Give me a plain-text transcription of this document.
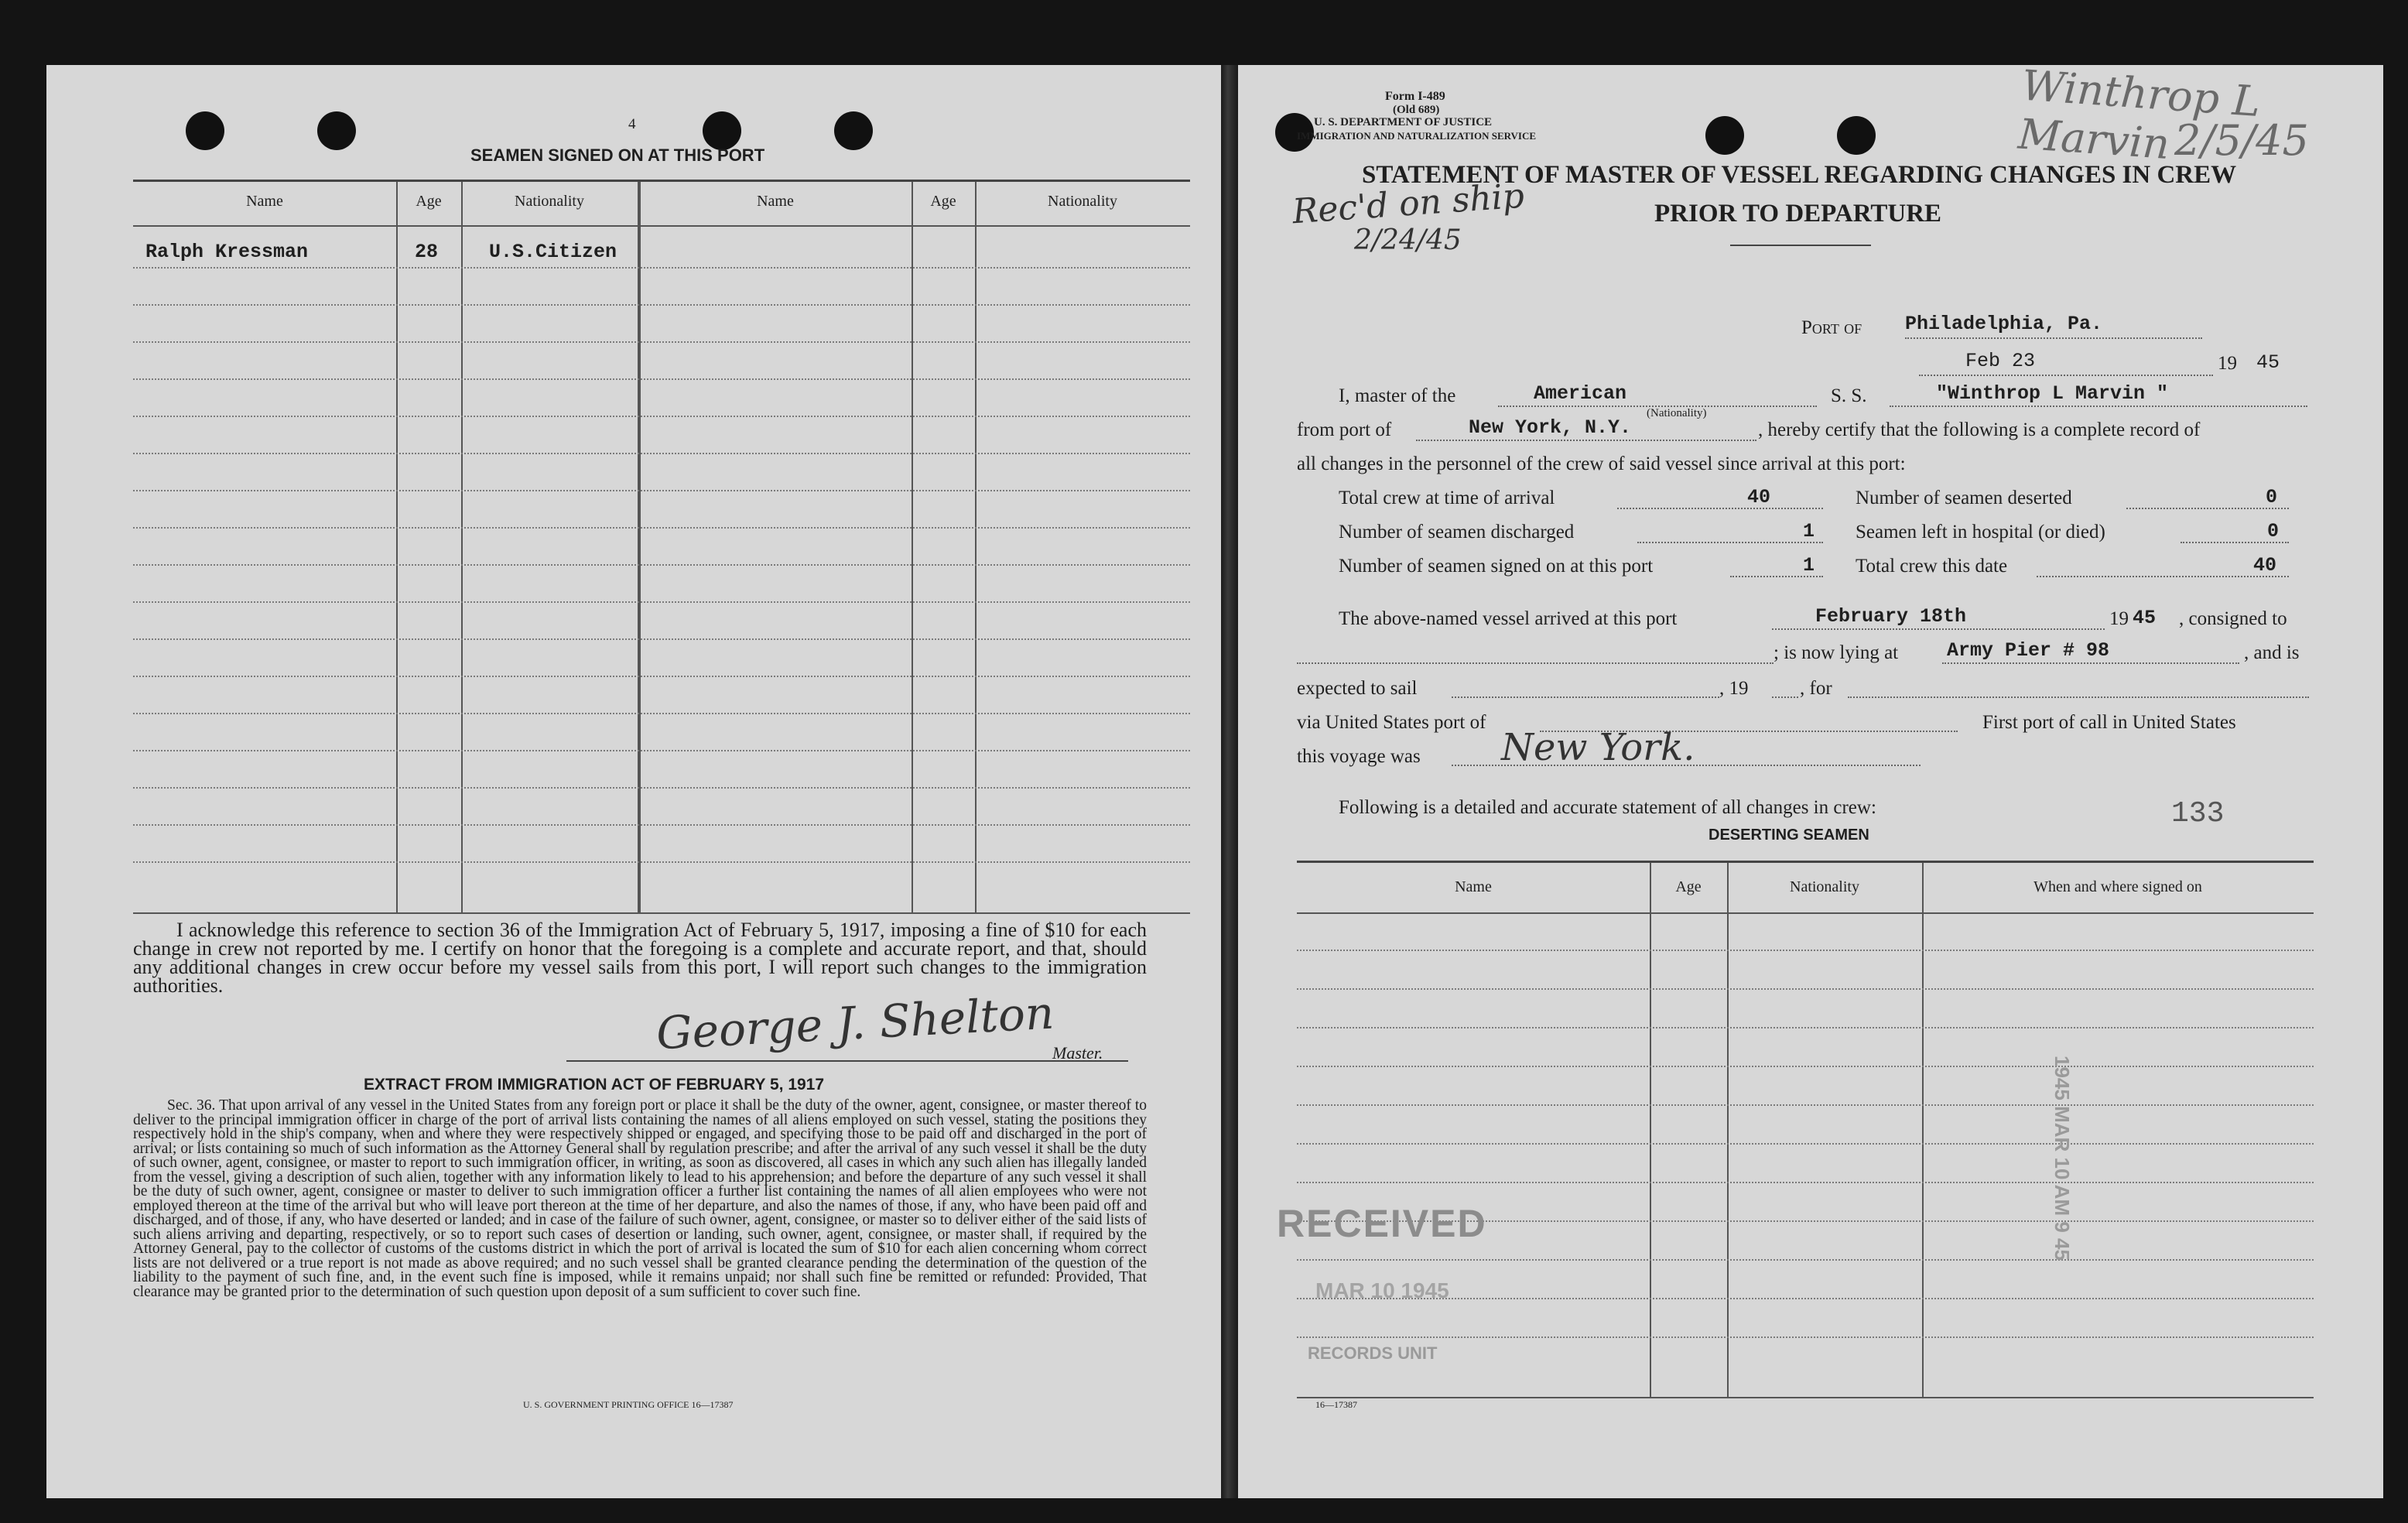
4
SEAMEN SIGNED ON AT THIS PORT
Name	Age	Nationality	Name	Age	Nationality
Ralph Kressman	28	U.S.Citizen

I acknowledge this reference to section 36 of the Immigration Act of February 5, 1917, imposing a fine of $10 for each change in crew not reported by me. I certify on honor that the foregoing is a complete and accurate report, and that, should any additional changes in crew occur before my vessel sails from this port, I will report such changes to the immigration authorities.

George J. Shelton
Master.
EXTRACT FROM IMMIGRATION ACT OF FEBRUARY 5, 1917

Sec. 36. That upon arrival of any vessel in the United States from any foreign port or place it shall be the duty of the owner, agent, consignee, or master thereof to deliver to the principal immigration officer in charge of the port of arrival lists containing the names of all aliens employed on such vessel, stating the positions they respectively hold in the ship's company, when and where they were respectively shipped or engaged, and specifying those to be paid off and discharged in the port of arrival; or lists containing so much of such information as the Attorney General shall by regulation prescribe; and after the arrival of any such vessel it shall be the duty of such owner, agent, consignee, or master to report to such immigration officer, in writing, as soon as discovered, all cases in which any such alien has illegally landed from the vessel, giving a description of such alien, together with any information likely to lead to his apprehension; and before the departure of any such vessel it shall be the duty of such owner, agent, consignee or master to deliver to such immigration officer a further list containing the names of all alien employees who were not employed thereon at the time of the arrival but who will leave port thereon at the time of her departure, and also the names of those, if any, who have been paid off and discharged, and of those, if any, who have deserted or landed; and in case of the failure of such owner, agent, consignee, or master so to deliver either of the said lists of such aliens arriving and departing, respectively, or so to report such cases of desertion or landing, such owner, agent, consignee, or master shall, if required by the Attorney General, pay to the collector of customs of the customs district in which the port of arrival is located the sum of $10 for each alien concerning whom correct lists are not delivered or a true report is not made as above required; and no such vessel shall be granted clearance pending the determination of the question of the liability to the payment of such fine, and, in the event such fine is imposed, while it remains unpaid; nor shall such fine be remitted or refunded: Provided, That clearance may be granted prior to the determination of such question upon deposit of a sum sufficient to cover such fine.

U. S. GOVERNMENT PRINTING OFFICE 16—17387
Form I-489
(Old 689)
U. S. DEPARTMENT OF JUSTICE
IMMIGRATION AND NATURALIZATION SERVICE
Winthrop L Marvin 2/5/45
STATEMENT OF MASTER OF VESSEL REGARDING CHANGES IN CREW
PRIOR TO DEPARTURE
Rec'd on ship
2/24/45
Port of Philadelphia, Pa.
Feb 23	19 45
I, master of the	American
(Nationality)
S. S.	"Winthrop L Marvin "
from port of	New York, N.Y.	, hereby certify that the following is a complete record of
all changes in the personnel of the crew of said vessel since arrival at this port:
Total crew at time of arrival	40	Number of seamen deserted	0
Number of seamen discharged	1	Seamen left in hospital (or died)	0
Number of seamen signed on at this port	1	Total crew this date	40
The above-named vessel arrived at this port	February 18th	19 45 , consigned to
; is now lying at	Army Pier # 98	, and is
expected to sail	, 19	, for
via United States port of	First port of call in United States
this voyage was New York.
Following is a detailed and accurate statement of all changes in crew:	133
DESERTING SEAMEN
Name	Age	Nationality	When and where signed on
1945 MAR 10 AM 9 45
RECEIVED
MAR 10 1945
RECORDS UNIT
16—17387
